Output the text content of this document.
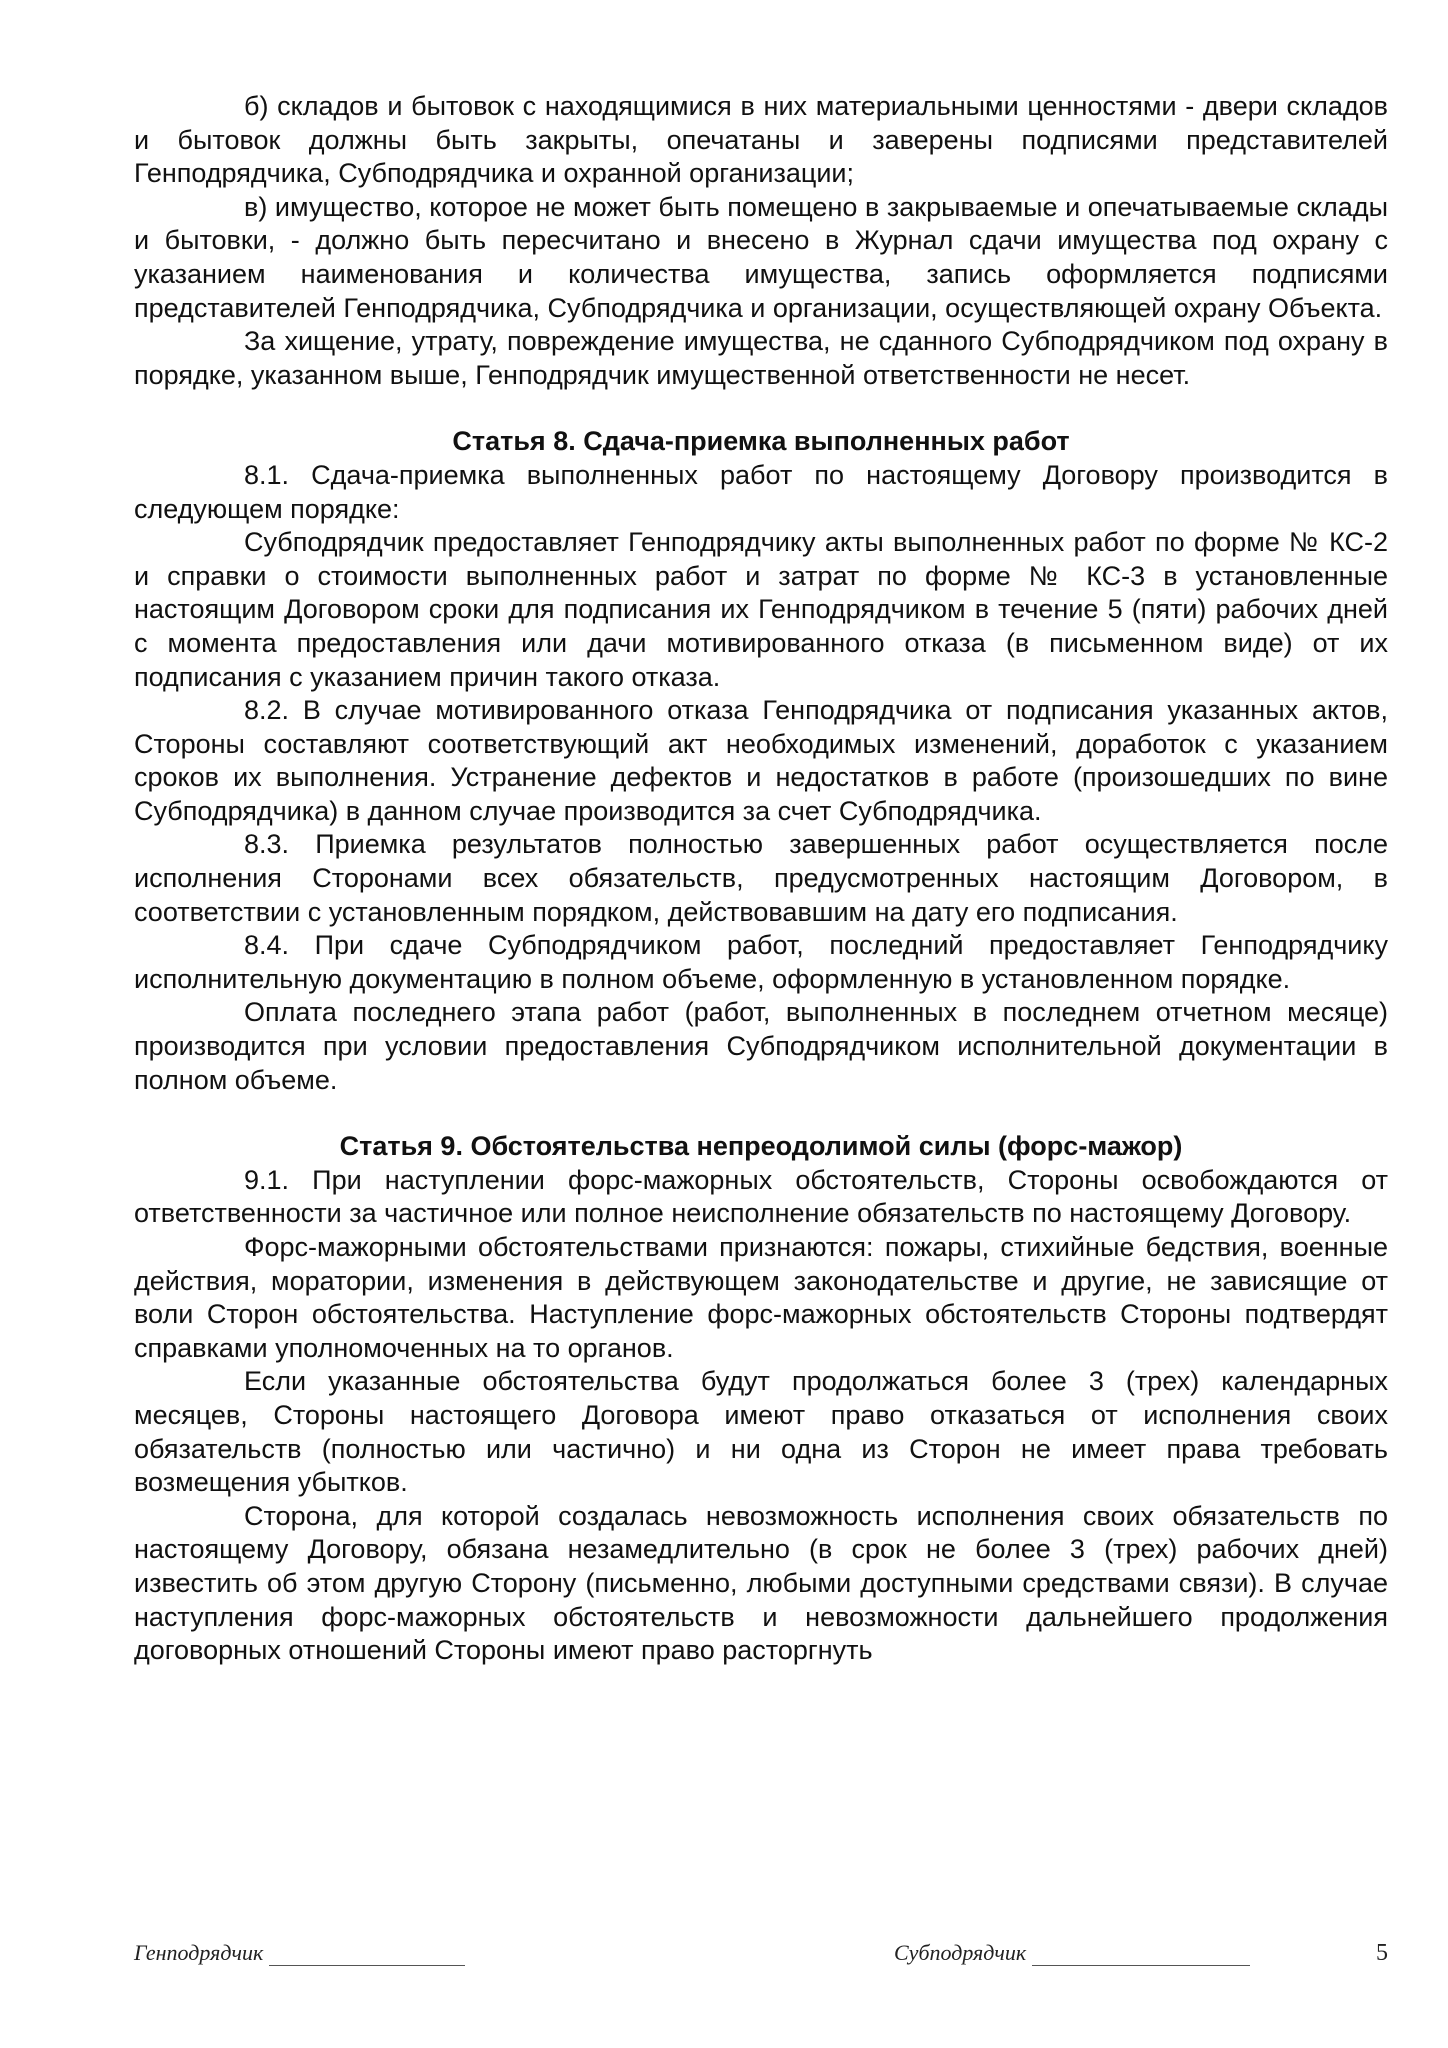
б) складов и бытовок с находящимися в них материальными ценностями - двери складов и бытовок должны быть закрыты, опечатаны и заверены подписями представителей Генподрядчика, Субподрядчика и охранной организации;

в) имущество, которое не может быть помещено в закрываемые и опечатываемые склады и бытовки, - должно быть пересчитано и внесено в Журнал сдачи имущества под охрану с указанием наименования и количества имущества, запись оформляется подписями представителей Генподрядчика, Субподрядчика и организации, осуществляющей охрану Объекта.

За хищение, утрату, повреждение имущества, не сданного Субподрядчиком под охрану в порядке, указанном выше, Генподрядчик имущественной ответственности не несет.

Статья 8. Сдача-приемка выполненных работ

8.1. Сдача-приемка выполненных работ по настоящему Договору производится в следующем порядке:

Субподрядчик предоставляет Генподрядчику акты выполненных работ по форме № КС-2 и справки о стоимости выполненных работ и затрат по форме № КС-3 в установленные настоящим Договором сроки для подписания их Генподрядчиком в течение 5 (пяти) рабочих дней с момента предоставления или дачи мотивированного отказа (в письменном виде) от их подписания с указанием причин такого отказа.

8.2. В случае мотивированного отказа Генподрядчика от подписания указанных актов, Стороны составляют соответствующий акт необходимых изменений, доработок с указанием сроков их выполнения. Устранение дефектов и недостатков в работе (произошедших по вине Субподрядчика) в данном случае производится за счет Субподрядчика.

8.3. Приемка результатов полностью завершенных работ осуществляется после исполнения Сторонами всех обязательств, предусмотренных настоящим Договором, в соответствии с установленным порядком, действовавшим на дату его подписания.

8.4. При сдаче Субподрядчиком работ, последний предоставляет Генподрядчику исполнительную документацию в полном объеме, оформленную в установленном порядке.

Оплата последнего этапа работ (работ, выполненных в последнем отчетном месяце) производится при условии предоставления Субподрядчиком исполнительной документации в полном объеме.

Статья 9. Обстоятельства непреодолимой силы (форс-мажор)

9.1. При наступлении форс-мажорных обстоятельств, Стороны освобождаются от ответственности за частичное или полное неисполнение обязательств по настоящему Договору.

Форс-мажорными обстоятельствами признаются: пожары, стихийные бедствия, военные действия, моратории, изменения в действующем законодательстве и другие, не зависящие от воли Сторон обстоятельства. Наступление форс-мажорных обстоятельств Стороны подтвердят справками уполномоченных на то органов.

Если указанные обстоятельства будут продолжаться более 3 (трех) календарных месяцев, Стороны настоящего Договора имеют право отказаться от исполнения своих обязательств (полностью или частично) и ни одна из Сторон не имеет права требовать возмещения убытков.

Сторона, для которой создалась невозможность исполнения своих обязательств по настоящему Договору, обязана незамедлительно (в срок не более 3 (трех) рабочих дней) известить об этом другую Сторону (письменно, любыми доступными средствами связи). В случае наступления форс-мажорных обстоятельств и невозможности дальнейшего продолжения договорных отношений Стороны имеют право расторгнуть

Генподрядчик	Субподрядчик	5
